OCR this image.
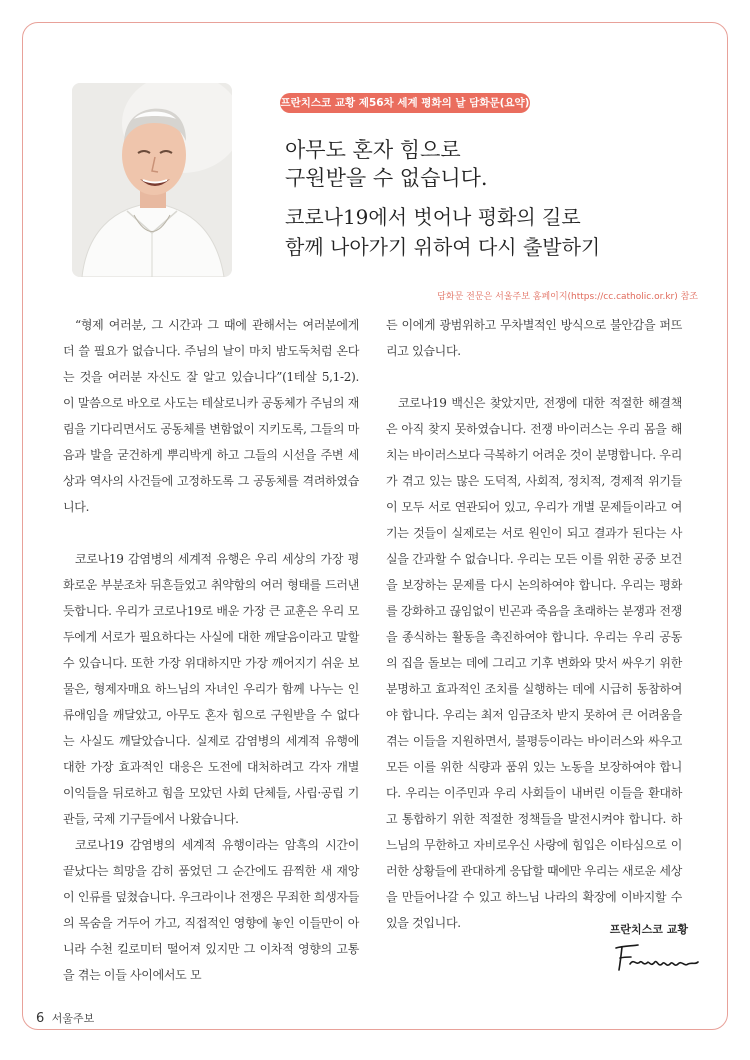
프란치스코 교황 제56차 세계 평화의 날 담화문(요약)
아무도 혼자 힘으로
구원받을 수 없습니다.
코로나19에서 벗어나 평화의 길로
함께 나아가기 위하여 다시 출발하기
담화문 전문은 서울주보 홈페이지(https://cc.catholic.or.kr) 참조

“형제 여러분, 그 시간과 그 때에 관해서는 여러분에게 더 쓸 필요가 없습니다. 주님의 날이 마치 밤도둑처럼 온다는 것을 여러분 자신도 잘 알고 있습니다”(1테살 5,1-2). 이 말씀으로 바오로 사도는 테살로니카 공동체가 주님의 재림을 기다리면서도 공동체를 변함없이 지키도록, 그들의 마음과 발을 굳건하게 뿌리박게 하고 그들의 시선을 주변 세상과 역사의 사건들에 고정하도록 그 공동체를 격려하였습니다.

코로나19 감염병의 세계적 유행은 우리 세상의 가장 평화로운 부분조차 뒤흔들었고 취약함의 여러 형태를 드러낸 듯합니다. 우리가 코로나19로 배운 가장 큰 교훈은 우리 모두에게 서로가 필요하다는 사실에 대한 깨달음이라고 말할 수 있습니다. 또한 가장 위대하지만 가장 깨어지기 쉬운 보물은, 형제자매요 하느님의 자녀인 우리가 함께 나누는 인류애임을 깨달았고, 아무도 혼자 힘으로 구원받을 수 없다는 사실도 깨달았습니다. 실제로 감염병의 세계적 유행에 대한 가장 효과적인 대응은 도전에 대처하려고 각자 개별 이익들을 뒤로하고 힘을 모았던 사회 단체들, 사립·공립 기관들, 국제 기구들에서 나왔습니다.

코로나19 감염병의 세계적 유행이라는 암흑의 시간이 끝났다는 희망을 감히 품었던 그 순간에도 끔찍한 새 재앙이 인류를 덮쳤습니다. 우크라이나 전쟁은 무죄한 희생자들의 목숨을 거두어 가고, 직접적인 영향에 놓인 이들만이 아니라 수천 킬로미터 떨어져 있지만 그 이차적 영향의 고통을 겪는 이들 사이에서도 모

든 이에게 광범위하고 무차별적인 방식으로 불안감을 퍼뜨리고 있습니다.

코로나19 백신은 찾았지만, 전쟁에 대한 적절한 해결책은 아직 찾지 못하였습니다. 전쟁 바이러스는 우리 몸을 해치는 바이러스보다 극복하기 어려운 것이 분명합니다. 우리가 겪고 있는 많은 도덕적, 사회적, 정치적, 경제적 위기들이 모두 서로 연관되어 있고, 우리가 개별 문제들이라고 여기는 것들이 실제로는 서로 원인이 되고 결과가 된다는 사실을 간과할 수 없습니다. 우리는 모든 이를 위한 공중 보건을 보장하는 문제를 다시 논의하여야 합니다. 우리는 평화를 강화하고 끊임없이 빈곤과 죽음을 초래하는 분쟁과 전쟁을 종식하는 활동을 촉진하여야 합니다. 우리는 우리 공동의 집을 돌보는 데에 그리고 기후 변화와 맞서 싸우기 위한 분명하고 효과적인 조치를 실행하는 데에 시급히 동참하여야 합니다. 우리는 최저 임금조차 받지 못하여 큰 어려움을 겪는 이들을 지원하면서, 불평등이라는 바이러스와 싸우고 모든 이를 위한 식량과 품위 있는 노동을 보장하여야 합니다. 우리는 이주민과 우리 사회들이 내버린 이들을 환대하고 통합하기 위한 적절한 정책들을 발전시켜야 합니다. 하느님의 무한하고 자비로우신 사랑에 힘입은 이타심으로 이러한 상황들에 관대하게 응답할 때에만 우리는 새로운 세상을 만들어나갈 수 있고 하느님 나라의 확장에 이바지할 수 있을 것입니다.	프란치스코 교황
6 서울주보
